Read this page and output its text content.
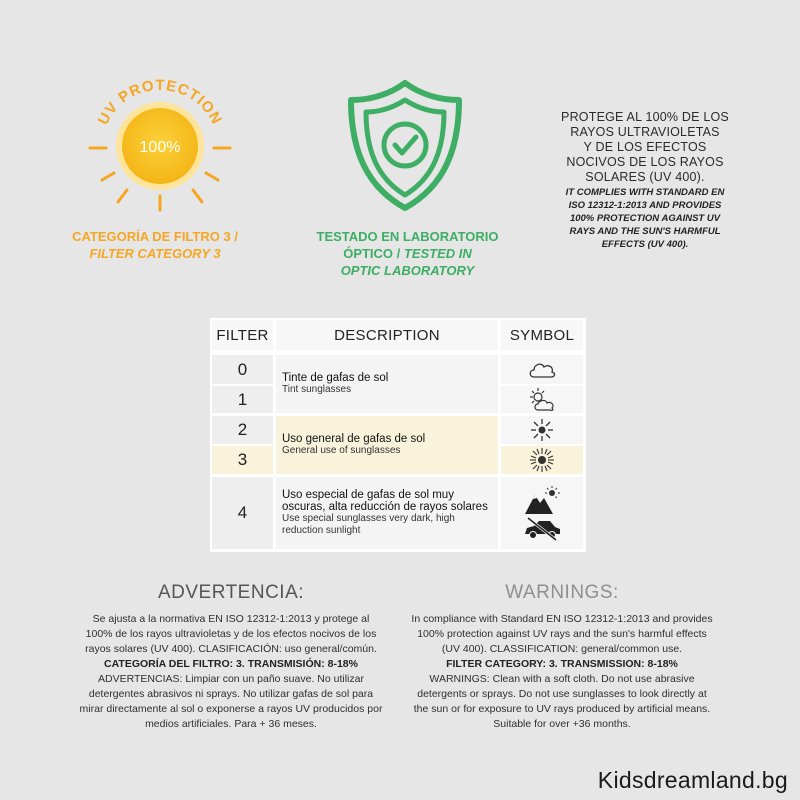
UV PROTECTION
100%
CATEGORÍA DE FILTRO 3 /
FILTER CATEGORY 3
TESTADO EN LABORATORIO
ÓPTICO / TESTED IN
OPTIC LABORATORY
PROTEGE AL 100% DE LOS
RAYOS ULTRAVIOLETAS
Y DE LOS EFECTOS
NOCIVOS DE LOS RAYOS
SOLARES (UV 400).
IT COMPLIES WITH STANDARD EN
ISO 12312-1:2013 AND PROVIDES
100% PROTECTION AGAINST UV
RAYS AND THE SUN'S HARMFUL
EFFECTS (UV 400).
FILTER	DESCRIPTION	SYMBOL
0
1
2
3
4
Tinte de gafas de sol
Tint sunglasses
Uso general de gafas de sol
General use of sunglasses
Uso especial de gafas de sol muy
oscuras, alta reducción de rayos solares
Use special sunglasses very dark, high
reduction sunlight
ADVERTENCIA:
Se ajusta a la normativa EN ISO 12312-1:2013 y protege al
100% de los rayos ultravioletas y de los efectos nocivos de los
rayos solares (UV 400). CLASIFICACIÓN: uso general/común.
CATEGORÍA DEL FILTRO: 3. TRANSMISIÓN: 8-18%
ADVERTENCIAS: Limpiar con un paño suave. No utilizar
detergentes abrasivos ni sprays. No utilizar gafas de sol para
mirar directamente al sol o exponerse a rayos UV producidos por
medios artificiales. Para + 36 meses.
WARNINGS:
In compliance with Standard EN ISO 12312-1:2013 and provides
100% protection against UV rays and the sun's harmful effects
(UV 400). CLASSIFICATION: general/common use.
FILTER CATEGORY: 3. TRANSMISSION: 8-18%
WARNINGS: Clean with a soft cloth. Do not use abrasive
detergents or sprays. Do not use sunglasses to look directly at
the sun or for exposure to UV rays produced by artificial means.
Suitable for over +36 months.
Kidsdreamland.bg
